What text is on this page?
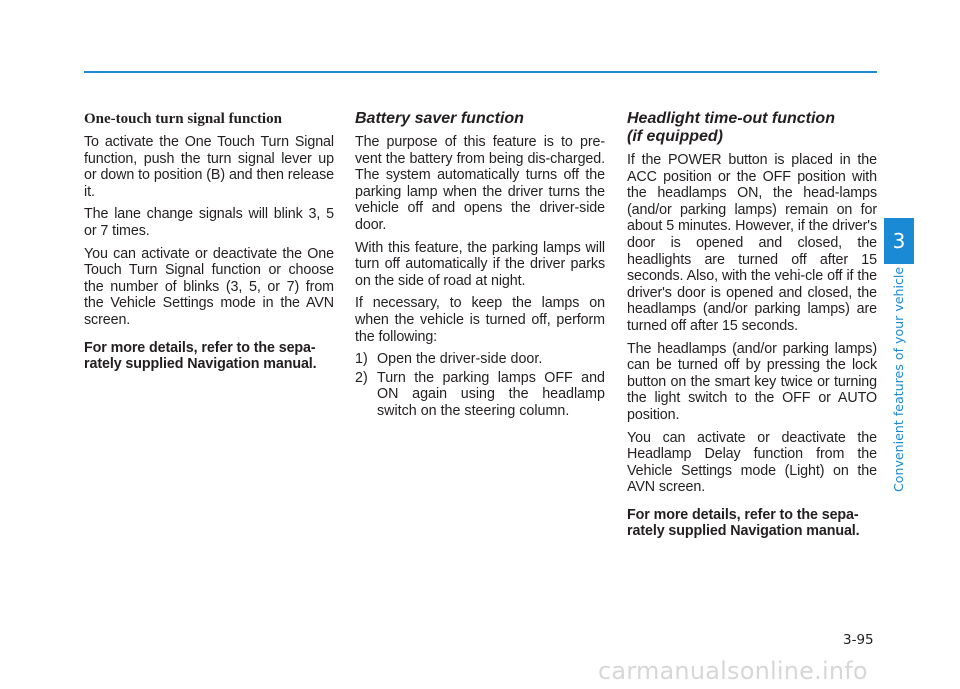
One-touch turn signal function

To activate the One Touch Turn Signal function, push the turn signal lever up or down to position (B) and then release it.

The lane change signals will blink 3, 5 or 7 times.

You can activate or deactivate the One Touch Turn Signal function or choose the number of blinks (3, 5, or 7) from the Vehicle Settings mode in the AVN screen.

For more details, refer to the sepa-rately supplied Navigation manual.

Battery saver function

The purpose of this feature is to pre-vent the battery from being dis-charged. The system automatically turns off the parking lamp when the driver turns the vehicle off and opens the driver-side door.

With this feature, the parking lamps will turn off automatically if the driver parks on the side of road at night.

If necessary, to keep the lamps on when the vehicle is turned off, perform the following:

1) Open the driver-side door.
2) Turn the parking lamps OFF and ON again using the headlamp switch on the steering column.
Headlight time-out function
(if equipped)

If the POWER button is placed in the ACC position or the OFF position with the headlamps ON, the head-lamps (and/or parking lamps) remain on for about 5 minutes. However, if the driver's door is opened and closed, the headlights are turned off after 15 seconds. Also, with the vehi-cle off if the driver's door is opened and closed, the headlamps (and/or parking lamps) are turned off after 15 seconds.

The headlamps (and/or parking lamps) can be turned off by pressing the lock button on the smart key twice or turning the light switch to the OFF or AUTO position.

You can activate or deactivate the Headlamp Delay function from the Vehicle Settings mode (Light) on the AVN screen.

For more details, refer to the sepa-rately supplied Navigation manual.

3
Convenient features of your vehicle
3-95
carmanualsonline.info
